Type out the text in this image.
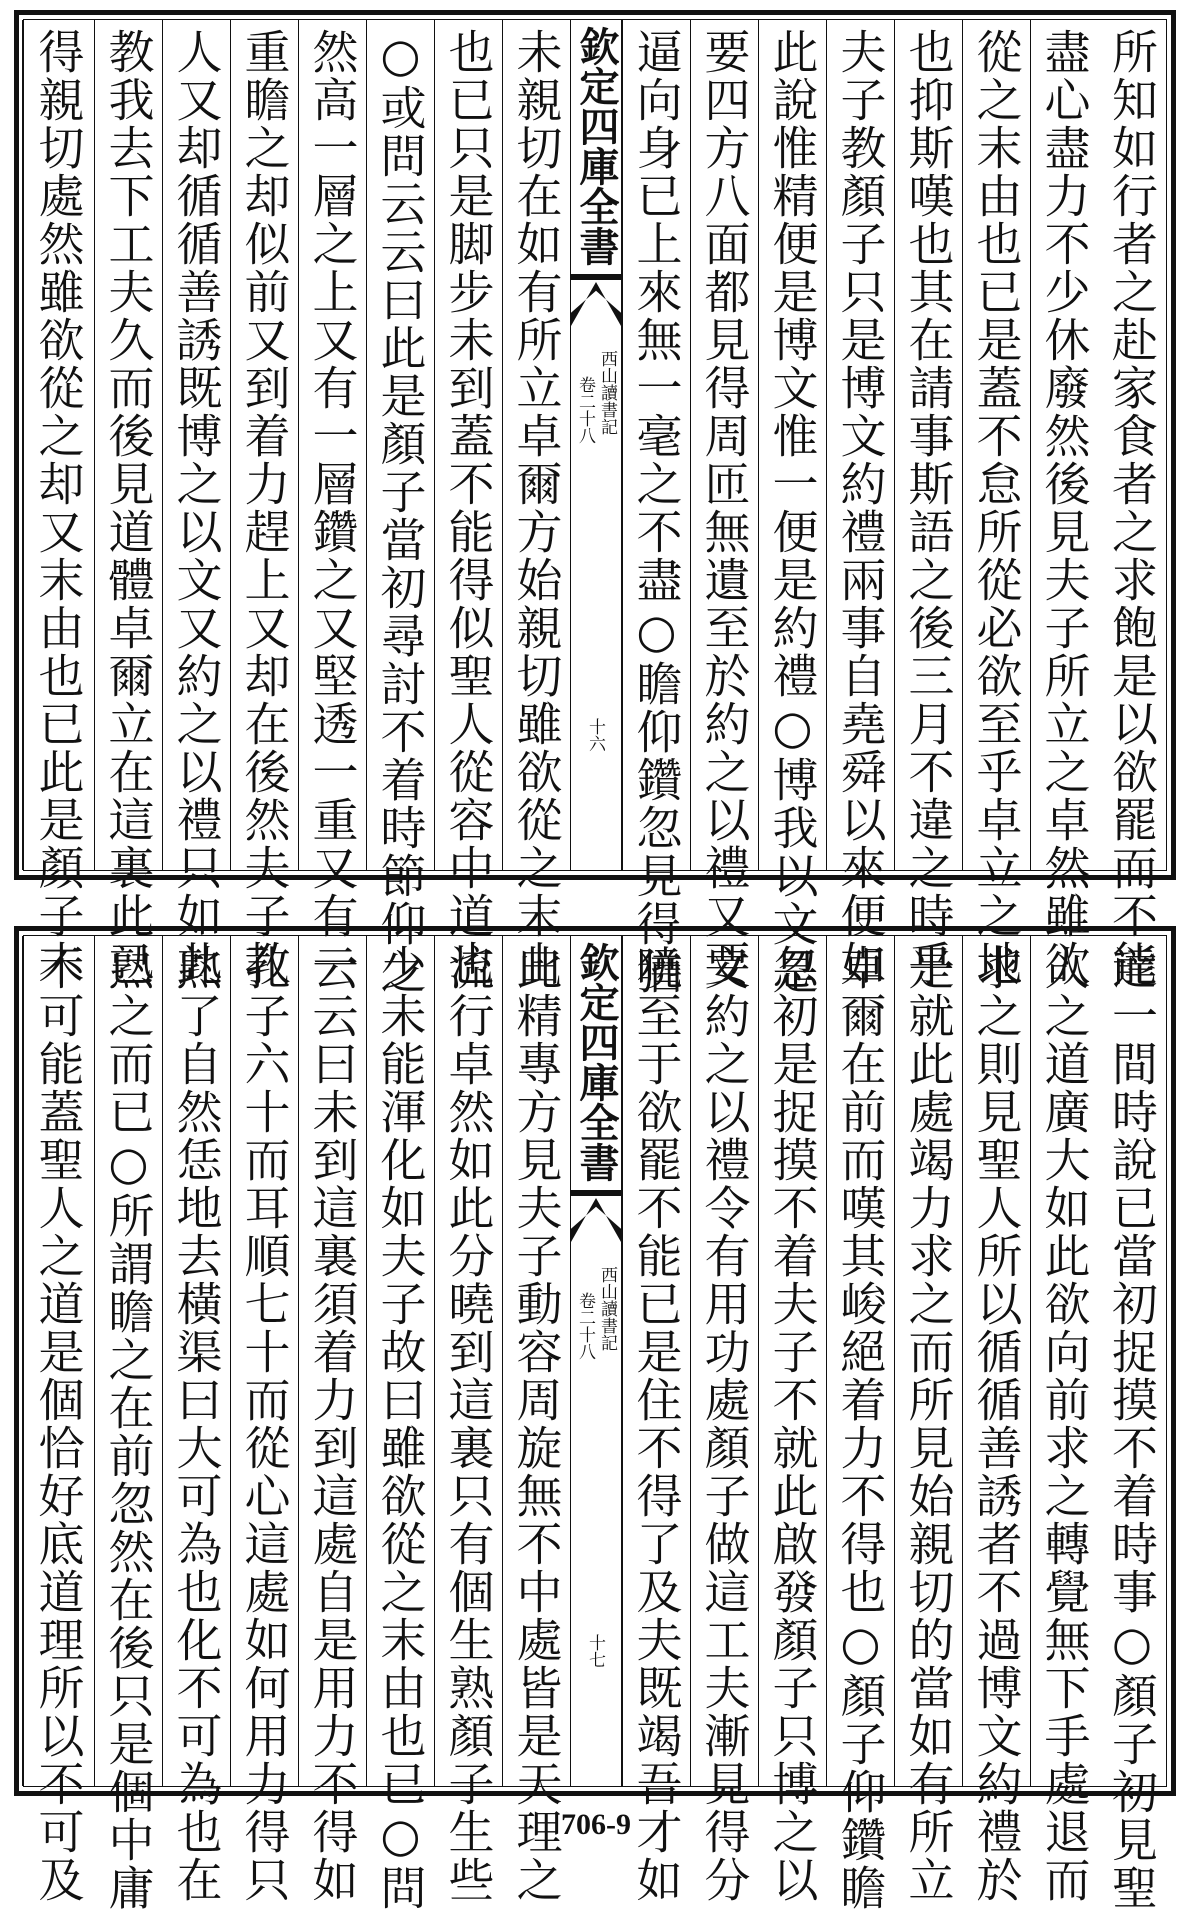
所知如行者之赴家食者之求飽是以欲罷而不能
盡心盡力不少休廢然後見夫子所立之卓然雖欲
從之末由也已是蓋不怠所從必欲至乎卓立之地
也抑斯嘆也其在請事斯語之後三月不違之時乎
夫子教顏子只是博文約禮兩事自堯舜以來便如
此說惟精便是博文惟一便是約禮○博我以文是
要四方八面都見得周匝無遺至於約之以禮又要
逼向身已上來無一毫之不盡○瞻仰鑽忽見得猶
欽定四庫全書
西山讀書記
卷二十八
十六
未親切在如有所立卓爾方始親切雖欲從之末由
也已只是脚步未到蓋不能得似聖人從容中道也
○或問云云曰此是顏子當初尋討不着時節仰之
然高一層之上又有一層鑽之又堅透一重又有一
重瞻之却似前又到着力趕上又却在後然夫子教
人又却循循善誘既博之以文又約之以禮只如此
教我去下工夫久而後見道體卓爾立在這裏此已
得親切處然雖欲從之却又末由也已此是顏子未
達一間時說已當初捉摸不着時事○顏子初見聖
人之道廣大如此欲向前求之轉覺無下手處退而
求之則見聖人所以循循善誘者不過博文約禮於
是就此處竭力求之而所見始親切的當如有所立
卓爾在前而嘆其峻絕着力不得也○顏子仰鑽瞻
忽初是捉摸不着夫子不就此啟發顏子只博之以
文約之以禮令有用功處顏子做這工夫漸見得分
曉至于欲罷不能已是住不得了及夫既竭吾才如
欽定四庫全書
西山讀書記
卷二十八
十七
此精專方見夫子動容周旋無不中處皆是天理之
流行卓然如此分曉到這裏只有個生熟顏子生些
少未能渾化如夫子故曰雖欲從之末由也已○問
云云曰未到這裏須着力到這處自是用力不得如
孔子六十而耳順七十而從心這處如何用力得只
熟了自然恁地去橫渠曰大可為也化不可為也在
熟之而已○所謂瞻之在前忽然在後只是個中庸
不可能蓋聖人之道是個恰好底道理所以不可及	706-9
